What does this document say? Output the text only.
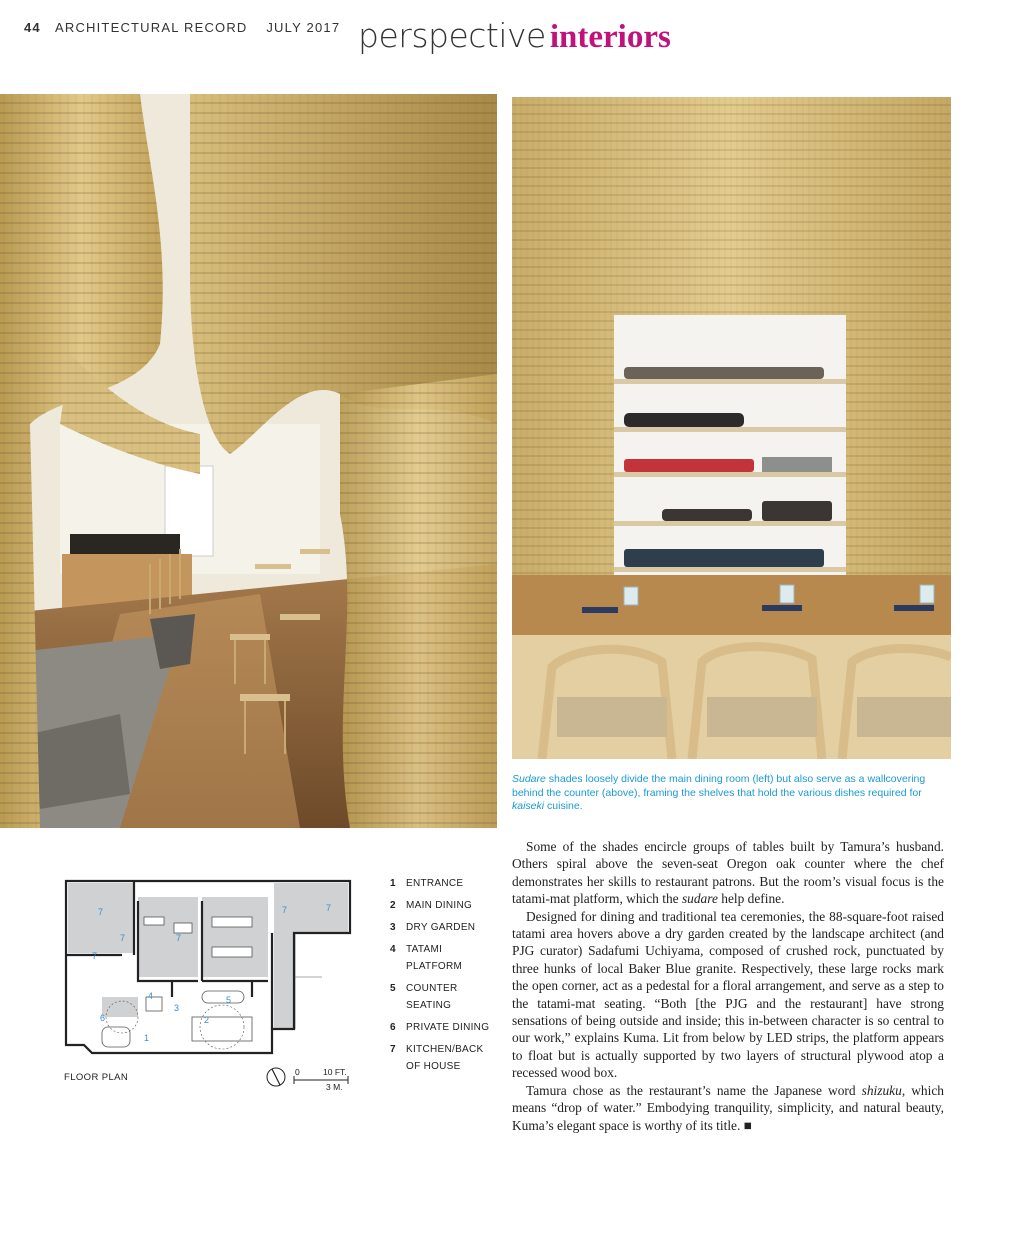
44 ARCHITECTURAL RECORD JULY 2017 perspective interiors
Sudare shades loosely divide the main dining room (left) but also serve as a wallcovering behind the counter (above), framing the shelves that hold the various dishes required for kaiseki cuisine.

Some of the shades encircle groups of tables built by Tamura’s husband. Others spiral above the seven-seat Oregon oak counter where the chef demonstrates her skills to restaurant patrons. But the room’s visual focus is the tatami-mat platform, which the sudare help define.

Designed for dining and traditional tea ceremonies, the 88-square-foot raised tatami area hovers above a dry garden created by the landscape architect (and PJG curator) Sadafumi Uchiyama, composed of crushed rock, punctuated by three hunks of local Baker Blue granite. Respectively, these large rocks mark the open corner, act as a pedestal for a floral arrangement, and serve as a step to the tatami-mat seating. “Both [the PJG and the restaurant] have strong sensations of being outside and inside; this in-between character is so central to our work,” explains Kuma. Lit from below by LED strips, the platform appears to float but is actually supported by two layers of structural plywood atop a recessed wood box.

Tamura chose as the restaurant’s name the Japanese word shizuku, which means “drop of water.” Embodying tranquility, simplicity, and natural beauty, Kuma’s elegant space is worthy of its title. ■

7
7
7	7
7	7
4
3
5
6	2
1
FLOOR PLAN	0	10 FT.
3 M.
1	ENTRANCE
2	MAIN DINING
3	DRY GARDEN
4	TATAMI PLATFORM
5	COUNTER SEATING
6	PRIVATE DINING
7	KITCHEN/BACK OF HOUSE
